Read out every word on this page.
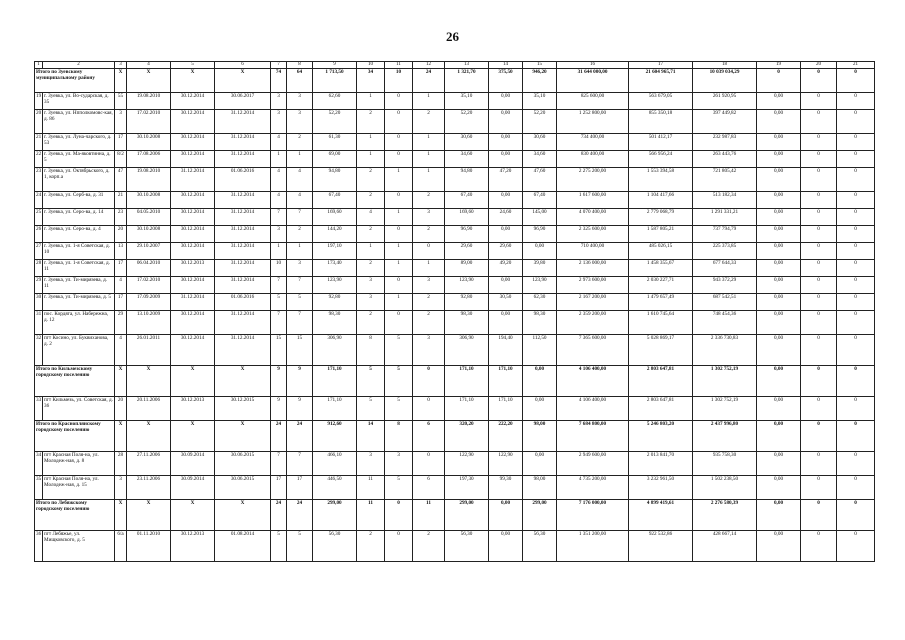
26
1	2	3	4	5	6	7	8	9	10	11	12	13	14	15	16	17	18	19	20	21
Итого по Зуевскому муниципальному району		X	X	X	X	74	64	1 713,50	34	10	24	1 321,70	375,50	946,20	31 644 000,00	21 604 965,71	10 039 034,29	0	0	0
19	г. Зуевка, ул. Во-сударская, д. 35	55	19.08.2010	30.12.2014	30.06.2017	3	3	62,60	1	0	1	35,10	0,00	35,10	825 600,00	563 679,05	261 920,95	0,00	0	0
20	г. Зуевка, ул. Нпполкомовс-кая, д. 86	3	17.02.2010	30.12.2014	31.12.2014	3	3	52,20	2	0	2	52,20	0,00	52,20	1 252 800,00	855 350,18	397 449,82	0,00	0	0
21	г. Зуевка, ул. Луна-чарского, д. 53	17	30.10.2008	30.12.2014	31.12.2014	4	2	61,30	1	0	1	30,60	0,00	30,60	734 400,00	501 412,17	232 987,83	0,00	0	0
22	г. Зуевка, ул. Ма-яковтинна, д. 5	8/2	17.08.2006	30.12.2014	31.12.2014	1	1	69,00	1	0	1	34,60	0,00	34,60	830 400,00	566 956,24	263 443,76	0,00	0	0
23	г. Зуевка, ул. Октябрьского, д. 1, корп.а	47	19.08.2010	31.12.2014	01.06.2016	4	4	94,80	2	1	1	94,80	47,20	47,60	2 275 200,00	1 553 394,58	721 805,42	0,00	0	0
24	г. Зуевка, ул. Серб-ва, д. 31	21	30.10.2008	30.12.2014	31.12.2014	4	4	67,40	2	0	2	67,40	0,00	67,40	1 617 600,00	1 104 417,66	513 182,34	0,00	0	0
25	г. Зуевка, ул. Серо-ва, д. 14	23	04.05.2010	30.12.2014	31.12.2014	7	7	169,60	4	1	3	169,60	24,60	145,00	4 070 400,00	2 779 068,79	1 291 331,21	0,00	0	0
26	г. Зуевка, ул. Серо-ва, д. 4	20	30.10.2008	30.12.2014	31.12.2014	3	2	144,20	2	0	2	96,90	0,00	96,90	2 325 600,00	1 587 805,21	737 794,79	0,00	0	0
27	г. Зуевка, ул. 1-я Советская, д. 10	13	29.10.2007	30.12.2014	31.12.2014	1	1	197,10	1	1	0	29,60	29,60	0,00	710 400,00	485 026,15	225 373,85	0,00	0	0
28	г. Зуевка, ул. 1-я Советская, д. 11	17	06.04.2010	30.12.2013	31.12.2014	10	3	173,40	2	1	1	89,00	49,20	39,80	2 136 000,00	1 458 355,67	677 644,33	0,00	0	0
29	г. Зуевка, ул. Ти-мирязева, д. 11	4	17.02.2010	30.12.2014	31.12.2014	7	7	123,90	3	0	3	123,90	0,00	123,90	2 973 600,00	2 030 227,71	943 372,29	0,00	0	0
30	г. Зуевка, ул. Ти-мирязева, д. 5	17	17.09.2009	31.12.2014	01.06.2016	5	5	92,80	3	1	2	92,80	30,50	62,30	2 167 200,00	1 479 657,49	687 542,51	0,00	0	0
31	пос. Кордяга, ул. Набережна, д. 12	29	13.10.2009	30.12.2014	31.12.2014	7	7	98,30	2	0	2	98,30	0,00	98,30	2 359 200,00	1 610 745,64	748 454,36	0,00	0	0
32	пгт Косино, ул. Буквиханова, д. 2	4	26.01.2011	30.12.2014	31.12.2014	15	15	306,90	8	5	3	306,90	194,40	112,50	7 365 600,00	5 028 869,17	2 336 730,83	0,00	0	0
Итого по Кильмезскому городскому поселению		X	X	X	X	9	9	171,10	5	5	0	171,10	171,10	0,00	4 106 400,00	2 803 647,81	1 302 752,19	0,00	0	0
33	пгт Кильмезь, ул. Советская, д. 36	20	20.11.2006	30.12.2013	30.12.2015	9	9	171,10	5	5	0	171,10	171,10	0,00	4 106 400,00	2 803 647,81	1 302 752,19	0,00	0	0
Итого по Красноплянскому городскому поселению		X	X	X	X	24	24	912,60	14	8	6	320,20	222,20	98,00	7 684 800,00	5 246 803,20	2 437 996,80	0,00	0	0
34	пгт Красная Поля-на, ул. Молодеж-ная, д. 8	28	27.11.2006	30.09.2014	30.06.2015	7	7	466,10	3	3	0	122,90	122,90	0,00	2 949 600,00	2 013 841,70	935 758,30	0,00	0	0
35	пгт Красная Поля-на, ул. Молодеж-ная, д. 15	3	23.11.2006	30.09.2014	30.06.2015	17	17	446,50	11	5	6	197,30	99,30	98,00	4 735 200,00	3 232 961,50	1 502 238,50	0,00	0	0
Итого по Лебяжскому городскому поселению		X	X	X	X	24	24	299,00	11	0	11	299,00	0,00	299,00	7 176 000,00	4 899 419,61	2 276 580,39	0,00	0	0
36	пгт Лебяжье, ул. Мищковского, д. 5	6/а	01.11.2010	30.12.2013	01.08.2014	5	5	56,30	2	0	2	56,30	0,00	56,30	1 351 200,00	922 532,86	428 667,14	0,00	0	0
